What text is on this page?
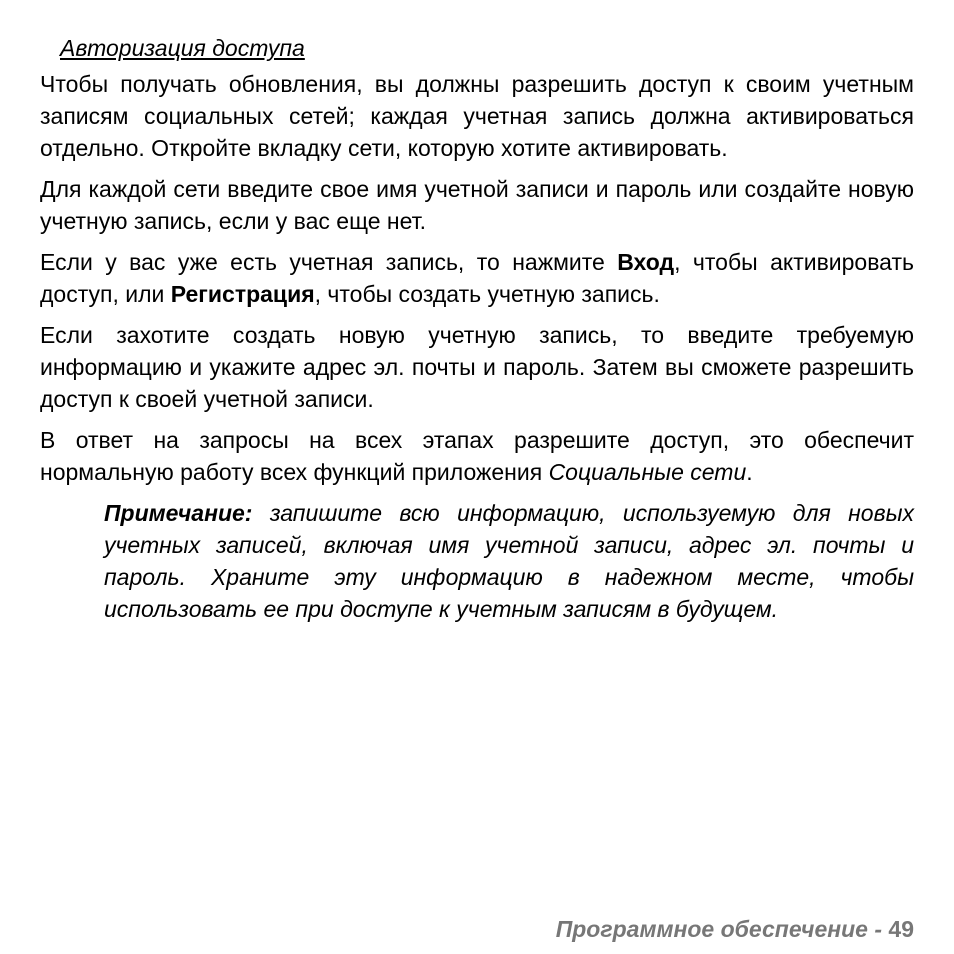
Авторизация доступа

Чтобы получать обновления, вы должны разрешить доступ к своим учетным записям социальных сетей; каждая учетная запись должна активироваться отдельно. Откройте вкладку сети, которую хотите активировать.

Для каждой сети введите свое имя учетной записи и пароль или создайте новую учетную запись, если у вас еще нет.

Если у вас уже есть учетная запись, то нажмите Вход, чтобы активировать доступ, или Регистрация, чтобы создать учетную запись.

Если захотите создать новую учетную запись, то введите требуемую информацию и укажите адрес эл. почты и пароль. Затем вы сможете разрешить доступ к своей учетной записи.

В ответ на запросы на всех этапах разрешите доступ, это обеспечит нормальную работу всех функций приложения Социальные сети.

Примечание: запишите всю информацию, используемую для новых учетных записей, включая имя учетной записи, адрес эл. почты и пароль. Храните эту информацию в надежном месте, чтобы использовать ее при доступе к учетным записям в будущем.

Программное обеспечение - 49
